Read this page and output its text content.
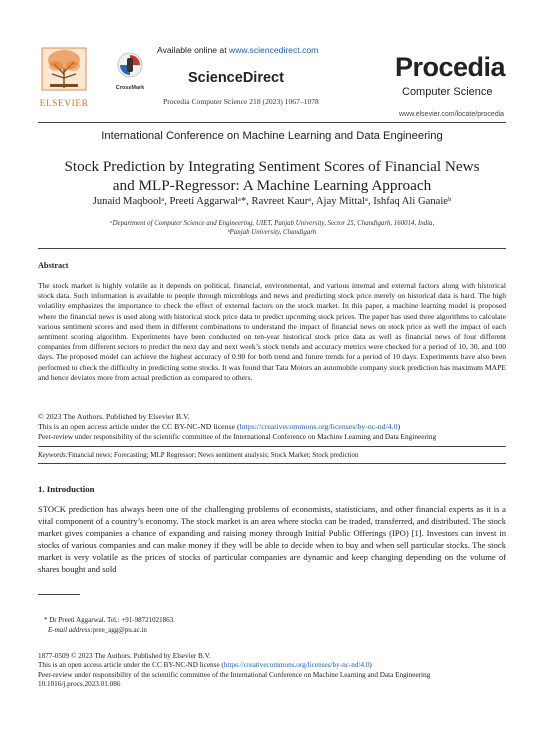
ELSEVIER
Available online at www.sciencedirect.com
CrossMark
ScienceDirect
Procedia Computer Science 218 (2023) 1067–1078
Procedia
Computer Science
www.elsevier.com/locate/procedia
International Conference on Machine Learning and Data Engineering
Stock Prediction by Integrating Sentiment Scores of Financial News
and MLP-Regressor: A Machine Learning Approach
Junaid Maqboolᵃ, Preeti Aggarwalᵃ*, Ravreet Kaurᵃ, Ajay Mittalᵃ, Ishfaq Ali Ganaieᵇ
ᵃDepartment of Computer Science and Engineering, UIET, Panjab University, Sector 25, Chandigarh, 160014, India,
ᵇPanjab University, Chandigarh
Abstract
The stock market is highly volatile as it depends on political, financial, environmental, and various internal and external factors along with historical stock data. Such information is available to people through microblogs and news and predicting stock price merely on historical data is hard. The high volatility emphasizes the importance to check the effect of external factors on the stock market. In this paper, a machine learning model is proposed where the financial news is used along with historical stock price data to predict upcoming stock prices. The paper has used three algorithms to calculate various sentiment scores and used them in different combinations to understand the impact of financial news on stock price as well the impact of each sentiment scoring algorithm. Experiments have been conducted on ten-year historical stock price data as well as financial news of four different companies from different sectors to predict the next day and next week’s stock trends and accuracy metrics were checked for a period of 10, 30, and 100 days. The proposed model can achieve the highest accuracy of 0.90 for both trend and future trends for a period of 10 days. Experiments have also been performed to check the difficulty in predicting some stocks. It was found that Tata Motors an automobile company stock prediction has maximum MAPE and hence deviates more from actual prediction as compared to others.
© 2023 The Authors. Published by Elsevier B.V.
This is an open access article under the CC BY-NC-ND license (https://creativecommons.org/licenses/by-nc-nd/4.0)
Peer-review under responsibility of the scientific committee of the International Conference on Machine Learning and Data Engineering
Keywords:Financial news; Forecasting; MLP Regressor; News sentiment analysis; Stock Market; Stock prediction
1. Introduction
STOCK prediction has always been one of the challenging problems of economists, statisticians, and other financial experts as it is a vital component of a country’s economy. The stock market is an area where stocks can be traded, transferred, and distributed. The stock market gives companies a chance of expanding and raising money through Initial Public Offerings (IPO) [1]. Investors can invest in stocks of various companies and can make money if they will be able to decide when to buy and when sell particular stocks. The stock market is very volatile as the prices of stocks of particular companies are dynamic and keep changing depending on the volume of shares bought and sold
* Dr Preeti Aggarwal. Tel.: +91-98721021863.
E-mail address:pree_agg@pu.ac.in
1877-0509 © 2023 The Authors. Published by Elsevier B.V.
This is an open access article under the CC BY-NC-ND license (https://creativecommons.org/licenses/by-nc-nd/4.0)
Peer-review under responsibility of the scientific committee of the International Conference on Machine Learning and Data Engineering
10.1016/j.procs.2023.01.086
